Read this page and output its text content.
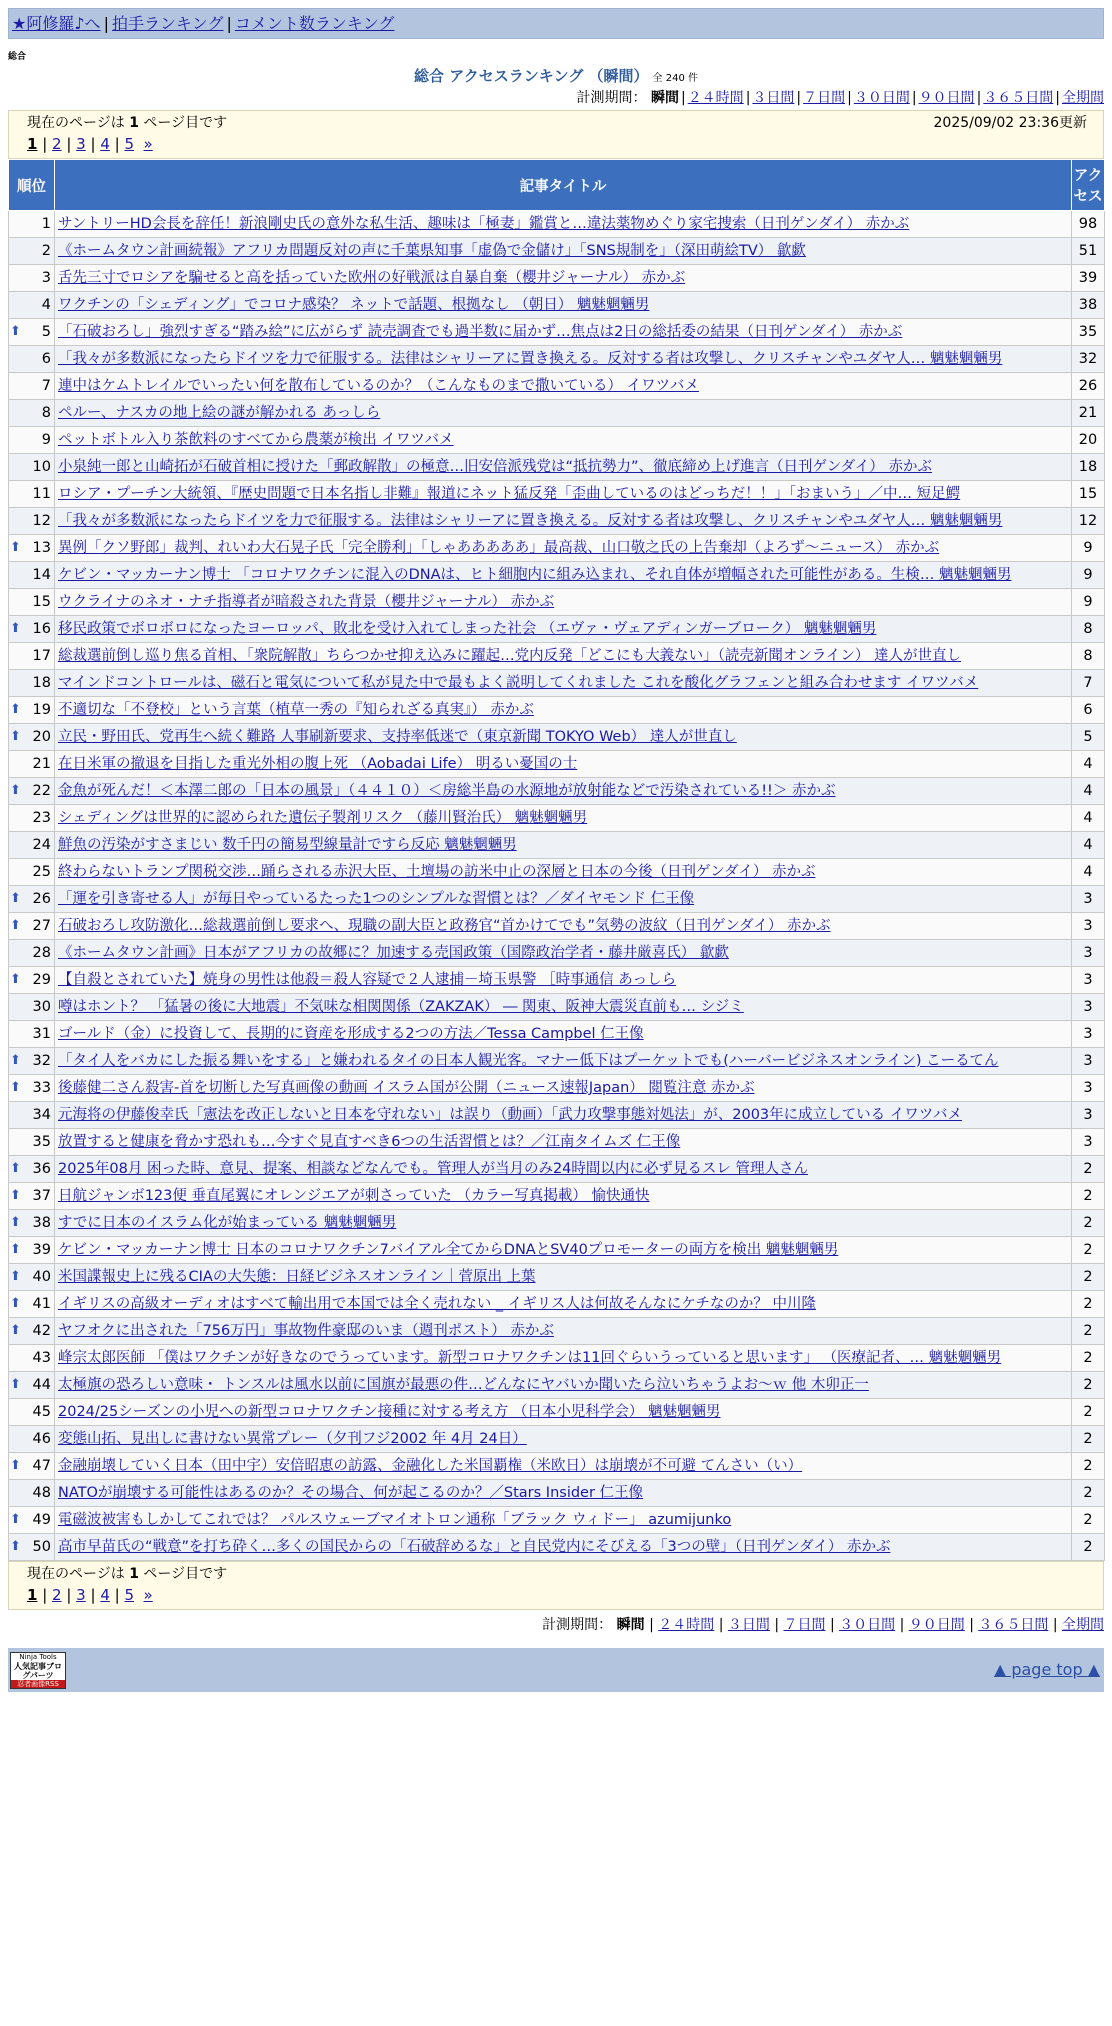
★阿修羅♪へ | 拍手ランキング | コメント数ランキング
総合
総合 アクセスランキング （瞬間） 全 240 件
計測期間： 瞬間 | ２４時間 | ３日間 | ７日間 | ３０日間 | ９０日間 | ３６５日間 | 全期間
現在のページは 1 ページ目です	2025/09/02 23:36更新
1 | 2 | 3 | 4 | 5 »
順位	記事タイトル	アクセス
1	サントリーHD会長を辞任！新浪剛史氏の意外な私生活、趣味は「極妻」鑑賞と…違法薬物めぐり家宅捜索（日刊ゲンダイ） 赤かぶ	98
2	《ホームタウン計画続報》アフリカ問題反対の声に千葉県知事「虚偽で金儲け」「SNS規制を」（深田萌絵TV） 歙歔	51
3	舌先三寸でロシアを騙せると高を括っていた欧州の好戦派は自暴自棄（櫻井ジャーナル） 赤かぶ	39
4	ワクチンの「シェディング」でコロナ感染？ ネットで話題、根拠なし （朝日） 魑魅魍魎男	38

⬆ 5	「石破おろし」強烈すぎる“踏み絵”に広がらず 読売調査でも過半数に届かず…焦点は2日の総括委の結果（日刊ゲンダイ） 赤かぶ	35
6	「我々が多数派になったらドイツを力で征服する。法律はシャリーアに置き換える。反対する者は攻撃し、クリスチャンやユダヤ人… 魑魅魍魎男	32
7	連中はケムトレイルでいったい何を散布しているのか？（こんなものまで撒いている） イワツバメ	26
8	ペルー、ナスカの地上絵の謎が解かれる あっしら	21
9	ペットボトル入り茶飲料のすべてから農薬が検出 イワツバメ	20
10	小泉純一郎と山崎拓が石破首相に授けた「郵政解散」の極意…旧安倍派残党は“抵抗勢力”、徹底締め上げ進言（日刊ゲンダイ） 赤かぶ	18
11	ロシア・プーチン大統領、『歴史問題で日本名指し非難』報道にネット猛反発「歪曲しているのはどっちだ！！」「おまいう」／中… 短足鰐	15
12	「我々が多数派になったらドイツを力で征服する。法律はシャリーアに置き換える。反対する者は攻撃し、クリスチャンやユダヤ人… 魑魅魍魎男	12

⬆ 13	異例「クソ野郎」裁判、れいわ大石晃子氏「完全勝利」「しゃあああああ」最高裁、山口敬之氏の上告棄却（よろず〜ニュース） 赤かぶ	9
14	ケビン・マッカーナン博士 「コロナワクチンに混入のDNAは、ヒト細胞内に組み込まれ、それ自体が増幅された可能性がある。生検… 魑魅魍魎男	9
15	ウクライナのネオ・ナチ指導者が暗殺された背景（櫻井ジャーナル） 赤かぶ	9

⬆ 16	移民政策でボロボロになったヨーロッパ、敗北を受け入れてしまった社会 （エヴァ・ヴェアディンガーブローク） 魑魅魍魎男	8
17	総裁選前倒し巡り焦る首相、「衆院解散」ちらつかせ抑え込みに躍起…党内反発「どこにも大義ない」（読売新聞オンライン） 達人が世直し	8
18	マインドコントロールは、磁石と電気について私が見た中で最もよく説明してくれました これを酸化グラフェンと組み合わせます イワツバメ	7

⬆ 19	不適切な「不登校」という言葉（植草一秀の『知られざる真実』） 赤かぶ	6

⬆ 20	立民・野田氏、党再生へ続く難路 人事刷新要求、支持率低迷で（東京新聞 TOKYO Web） 達人が世直し	5
21	在日米軍の撤退を目指した重光外相の腹上死 （Aobadai Life） 明るい憂国の士	4

⬆ 22	金魚が死んだ！＜本澤二郎の「日本の風景」（４４１０）＜房総半島の水源地が放射能などで汚染されている!!＞ 赤かぶ	4
23	シェディングは世界的に認められた遺伝子製剤リスク （藤川賢治氏） 魑魅魍魎男	4
24	鮮魚の汚染がすさまじい 数千円の簡易型線量計ですら反応 魑魅魍魎男	4
25	終わらないトランプ関税交渉…踊らされる赤沢大臣、土壇場の訪米中止の深層と日本の今後（日刊ゲンダイ） 赤かぶ	4

⬆ 26	「運を引き寄せる人」が毎日やっているたった1つのシンプルな習慣とは？／ダイヤモンド 仁王像	3

⬆ 27	石破おろし攻防激化…総裁選前倒し要求へ、現職の副大臣と政務官“首かけてでも”気勢の波紋（日刊ゲンダイ） 赤かぶ	3
28	《ホームタウン計画》日本がアフリカの故郷に？加速する売国政策（国際政治学者・藤井厳喜氏） 歙歔	3

⬆ 29	【自殺とされていた】焼身の男性は他殺＝殺人容疑で２人逮捕－埼玉県警 ［時事通信 あっしら	3
30	噂はホント？ 「猛暑の後に大地震」不気味な相関関係（ZAKZAK） ― 関東、阪神大震災直前も… シジミ	3
31	ゴールド（金）に投資して、長期的に資産を形成する2つの方法／Tessa Campbel 仁王像	3

⬆ 32	「タイ人をバカにした振る舞いをする」と嫌われるタイの日本人観光客。マナー低下はプーケットでも(ハーバービジネスオンライン) こーるてん	3

⬆ 33	後藤健二さん殺害-首を切断した写真画像の動画 イスラム国が公開（ニュース速報Japan） 閲覧注意 赤かぶ	3
34	元海将の伊藤俊幸氏「憲法を改正しないと日本を守れない」は誤り（動画）「武力攻撃事態対処法」が、2003年に成立している イワツバメ	3
35	放置すると健康を脅かす恐れも…今すぐ見直すべき6つの生活習慣とは？／江南タイムズ 仁王像	3

⬆ 36	2025年08月 困った時、意見、提案、相談などなんでも。管理人が当月のみ24時間以内に必ず見るスレ 管理人さん	2

⬆ 37	日航ジャンボ123便 垂直尾翼にオレンジエアが刺さっていた （カラー写真掲載） 愉快通快	2

⬆ 38	すでに日本のイスラム化が始まっている 魑魅魍魎男	2

⬆ 39	ケビン・マッカーナン博士 日本のコロナワクチン7バイアル全てからDNAとSV40プロモーターの両方を検出 魑魅魍魎男	2

⬆ 40	米国諜報史上に残るCIAの大失態：日経ビジネスオンライン｜菅原出 上葉	2

⬆ 41	イギリスの高級オーディオはすべて輸出用で本国では全く売れない _ イギリス人は何故そんなにケチなのか？ 中川隆	2

⬆ 42	ヤフオクに出された「756万円」事故物件豪邸のいま（週刊ポスト） 赤かぶ	2
43	峰宗太郎医師 「僕はワクチンが好きなのでうっています。新型コロナワクチンは11回ぐらいうっていると思います」 （医療記者、… 魑魅魍魎男	2

⬆ 44	太極旗の恐ろしい意味・ トンスルは風水以前に国旗が最悪の件…どんなにヤバいか聞いたら泣いちゃうよお〜ｗ 他 木卯正一	2
45	2024/25シーズンの小児への新型コロナワクチン接種に対する考え方 （日本小児科学会） 魑魅魍魎男	2
46	変態山拓、見出しに書けない異常プレー（夕刊フジ2002 年 4月 24日）	2

⬆ 47	金融崩壊していく日本（田中宇）安倍昭恵の訪露、金融化した米国覇権（米欧日）は崩壊が不可避 てんさい（い）	2
48	NATOが崩壊する可能性はあるのか？その場合、何が起こるのか？／Stars Insider 仁王像	2

⬆ 49	電磁波被害もしかしてこれでは？ パルスウェーブマイオトロン通称「ブラック ウィドー」 azumijunko	2

⬆ 50	高市早苗氏の“戦意”を打ち砕く…多くの国民からの「石破辞めるな」と自民党内にそびえる「3つの壁」（日刊ゲンダイ） 赤かぶ	2
現在のページは 1 ページ目です
1 | 2 | 3 | 4 | 5 »
計測期間： 瞬間 | ２４時間 | ３日間 | ７日間 | ３０日間 | ９０日間 | ３６５日間 | 全期間
Ninja Tools
人気記事ブログパーツ
忍者画像RSS
▲ page top ▲
